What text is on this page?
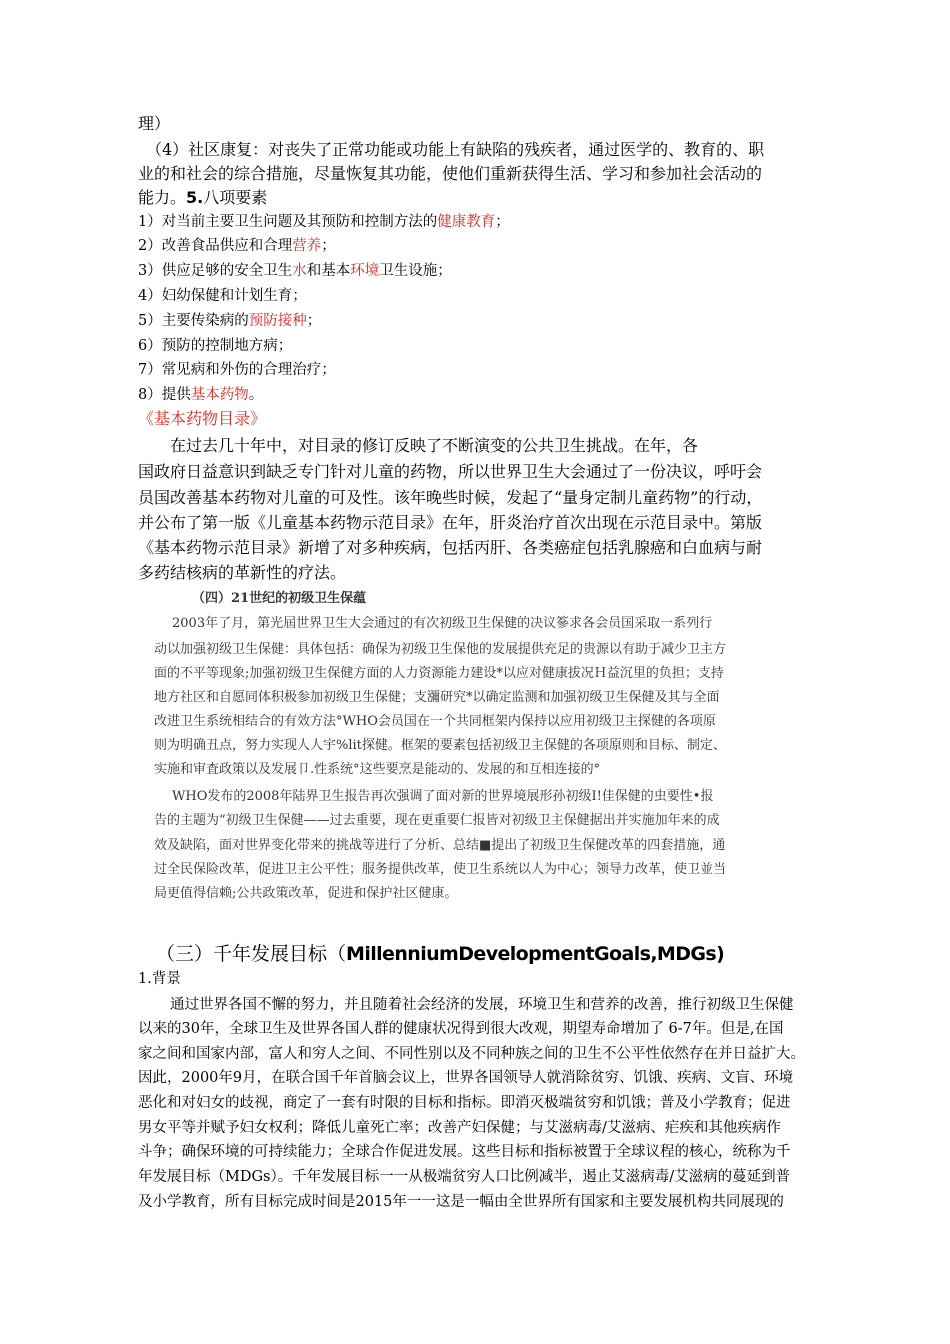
理）
（4）社区康复：对丧失了正常功能或功能上有缺陷的残疾者，通过医学的、教育的、职
业的和社会的综合措施，尽量恢复其功能，使他们重新获得生活、学习和参加社会活动的
能力。5.八项要素
1）对当前主要卫生问题及其预防和控制方法的健康教育；
2）改善食品供应和合理营养；
3）供应足够的安全卫生水和基本环境卫生设施；
4）妇幼保健和计划生育；
5）主要传染病的预防接种；
6）预防的控制地方病；
7）常见病和外伤的合理治疗；
8）提供基本药物。
《基本药物目录》
在过去几十年中，对目录的修订反映了不断演变的公共卫生挑战。在年，各
国政府日益意识到缺乏专门针对儿童的药物，所以世界卫生大会通过了一份决议，呼吁会
员国改善基本药物对儿童的可及性。该年晚些时候，发起了“量身定制儿童药物”的行动，
并公布了第一版《儿童基本药物示范目录》在年，肝炎治疗首次出现在示范目录中。第版
《基本药物示范目录》新增了对多种疾病，包括丙肝、各类癌症包括乳腺癌和白血病与耐
多药结核病的革新性的疗法。
（四）21世纪的初级卫生保蕴
2003年了月，第光屆世界卫生大会通过的有次初级卫生保健的决议篸求各会员国采取一系列行
动以加强初级卫生保健：具体包括：确保为初级卫生保他的发展提供充足的贵源以有助于减少卫主方
面的不平等现象;加强初级卫生保健方面的人力资源能力建设*以应对健康拔况Ｈ益沉里的负担；支持
地方社区和自愿同体积极参加初级卫生保健；支瀰研究*以确定监测和加强初级卫生保健及其与全面
改进卫生系统相结合的有效方法°WHO会员国在一个共同框架内保持以应用初级卫主探健的各项原
则为明确丑点，努力实现人人宇%lit探健。框架的要素包括初级卫主保健的各项原则和目标、制定、
实施和审査政策以及发展卩.性系统°这些要烹是能动的、发展的和互相连接的°
WHO发布的2008年陆界卫生报告再次强调了面对新的世界境展形孙初级I!佳保健的虫要性•报
告的主题为“初级卫生保健——过去重要，现在更重要仁报皆对初级卫主保健据出并实施加年来的成
效及缺陷，面对世界变化带来的挑战等进行了分析、总结■提出了初级卫生保健改革的四套措施，通
过全民保险改革，促进卫主公平性；服务提供改革，使卫生系统以人为中心；领导力改革，使卫並当
局更值得信赖;公共政策改革，促进和保护社区健康。
（三）千年发展目标（MillenniumDevelopmentGoals,MDGs)
1.背景
通过世界各国不懈的努力，并且随着社会经济的发展，环境卫生和营养的改善，推行初级卫生保健
以来的30年，全球卫生及世界各国人群的健康状况得到很大改观，期望寿命增加了 6-7年。但是,在国
家之间和国家内部，富人和穷人之间、不同性别以及不同种族之间的卫生不公平性依然存在并日益扩大。
因此，2000年9月，在联合国千年首脑会议上，世界各国领导人就消除贫穷、饥饿、疾病、文盲、环境
恶化和对妇女的歧视，商定了一套有时限的目标和指标。即消灭极端贫穷和饥饿；普及小学教育；促进
男女平等并赋予妇女权利；降低儿童死亡率；改善产妇保健；与艾滋病毒/艾滋病、疟疾和其他疾病作
斗争；确保环境的可持续能力；全球合作促进发展。这些目标和指标被置于全球议程的核心，统称为千
年发展目标（MDGs）。千年发展目标一一从极端贫穷人口比例减半，遏止艾滋病毒/艾滋病的蔓延到普
及小学教育，所有目标完成时间是2015年一一这是一幅由全世界所有国家和主要发展机构共同展现的
